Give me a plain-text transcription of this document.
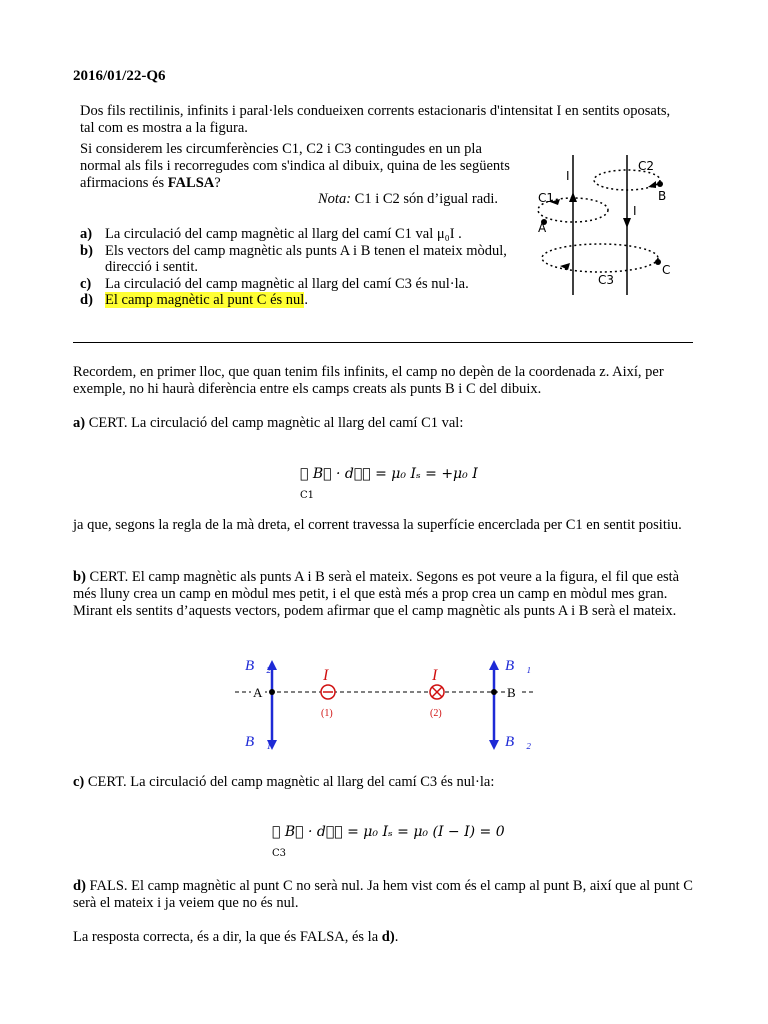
2016/01/22-Q6

Dos fils rectilinis, infinits i paral·lels condueixen corrents estacionaris d'intensitat I en sentits oposats, tal com es mostra a la figura.

Si considerem les circumferències C1, C2 i C3 contingudes en un pla normal als fils i recorregudes com s'indica al dibuix, quina de les següents afirmacions és FALSA?

Nota: C1 i C2 són d’igual radi.

a) La circulació del camp magnètic al llarg del camí C1 val μ₀I .
b) Els vectors del camp magnètic als punts A i B tenen el mateix mòdul, direcció i sentit.
c) La circulació del camp magnètic al llarg del camí C3 és nul·la.
d) El camp magnètic al punt C és nul.
I
I
C1
C2
C3
A
B
C

Recordem, en primer lloc, que quan tenim fils infinits, el camp no depèn de la coordenada z. Així, per exemple, no hi haurà diferència entre els camps creats als punts B i C del dibuix.

a) CERT. La circulació del camp magnètic al llarg del camí C1 val:

∮ B⃗ · dℓ⃗ = μ₀ Iₛ = +μ₀ I
C1

ja que, segons la regla de la mà dreta, el corrent travessa la superfície encerclada per C1 en sentit positiu.

b) CERT. El camp magnètic als punts A i B serà el mateix. Segons es pot veure a la figura, el fil que està més lluny crea un camp en mòdul mes petit, i el que està més a prop crea un camp en mòdul mes gran. Mirant els sentits d’aquests vectors, podem afirmar que el camp magnètic als punts A i B serà el mateix.

A	B
I	I
(1)	(2)
B⃗₂
B⃗₁
B⃗₁
B⃗₂

c) CERT. La circulació del camp magnètic al llarg del camí C3 és nul·la:

∮ B⃗ · dℓ⃗ = μ₀ Iₛ = μ₀ (I − I) = 0
C3

d) FALS. El camp magnètic al punt C no serà nul. Ja hem vist com és el camp al punt B, així que al punt C serà el mateix i ja veiem que no és nul.

La resposta correcta, és a dir, la que és FALSA, és la d).
